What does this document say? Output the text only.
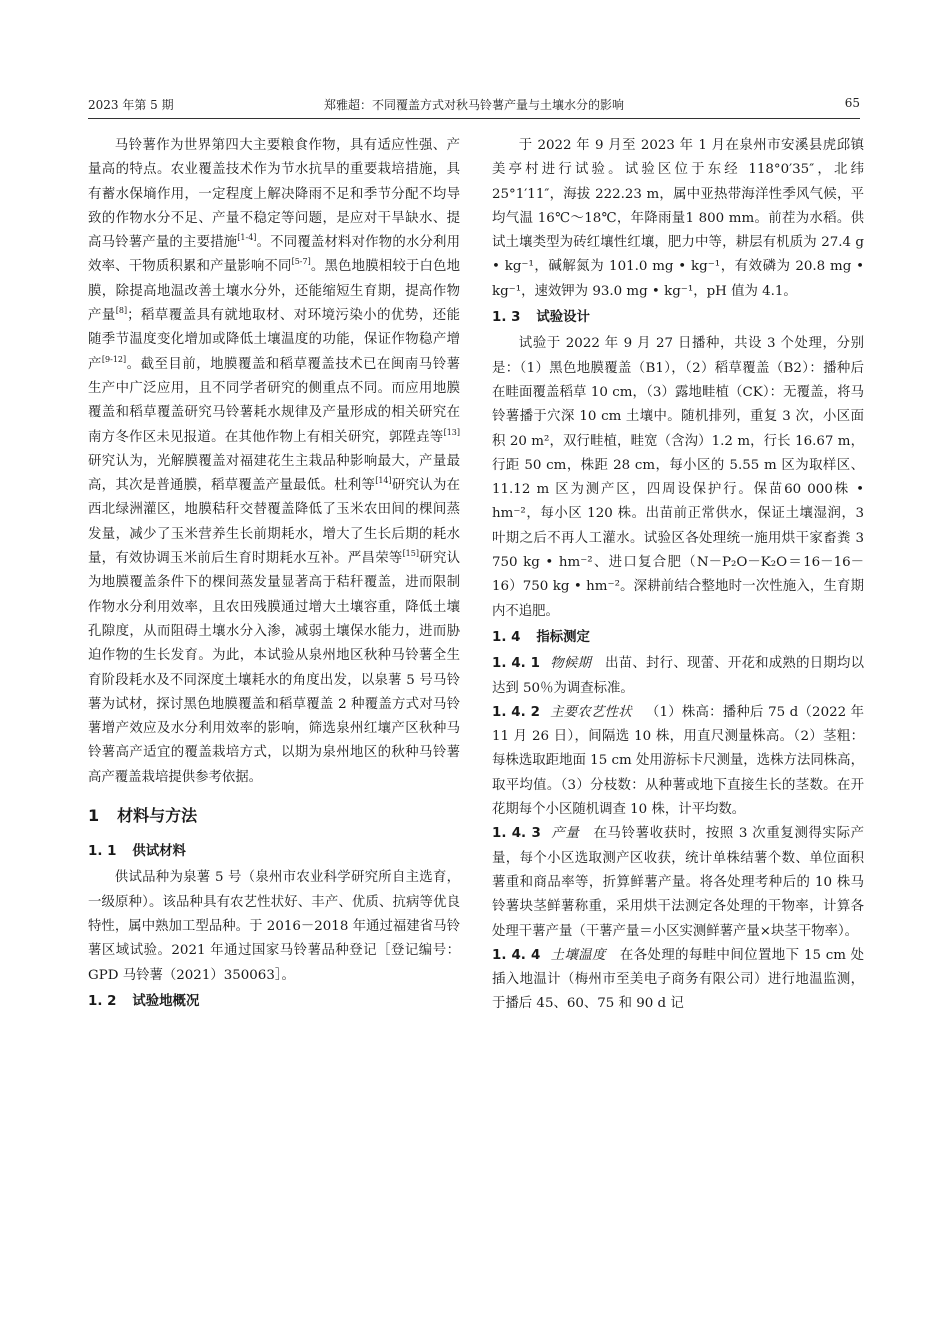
2023 年第 5 期	郑雅超：不同覆盖方式对秋马铃薯产量与土壤水分的影响	65

马铃薯作为世界第四大主要粮食作物，具有适应性强、产量高的特点。农业覆盖技术作为节水抗旱的重要栽培措施，具有蓄水保墒作用，一定程度上解决降雨不足和季节分配不均导致的作物水分不足、产量不稳定等问题，是应对干旱缺水、提高马铃薯产量的主要措施[1-4]。不同覆盖材料对作物的水分利用效率、干物质积累和产量影响不同[5-7]。黑色地膜相较于白色地膜，除提高地温改善土壤水分外，还能缩短生育期，提高作物产量[8]；稻草覆盖具有就地取材、对环境污染小的优势，还能随季节温度变化增加或降低土壤温度的功能，保证作物稳产增产[9-12]。截至目前，地膜覆盖和稻草覆盖技术已在闽南马铃薯生产中广泛应用，且不同学者研究的侧重点不同。而应用地膜覆盖和稻草覆盖研究马铃薯耗水规律及产量形成的相关研究在南方冬作区未见报道。在其他作物上有相关研究，郭陞垚等[13]研究认为，光解膜覆盖对福建花生主栽品种影响最大，产量最高，其次是普通膜，稻草覆盖产量最低。杜利等[14]研究认为在西北绿洲灌区，地膜秸秆交替覆盖降低了玉米农田间的棵间蒸发量，减少了玉米营养生长前期耗水，增大了生长后期的耗水量，有效协调玉米前后生育时期耗水互补。严昌荣等[15]研究认为地膜覆盖条件下的棵间蒸发量显著高于秸秆覆盖，进而限制作物水分利用效率，且农田残膜通过增大土壤容重，降低土壤孔隙度，从而阻碍土壤水分入渗，减弱土壤保水能力，进而胁迫作物的生长发育。为此，本试验从泉州地区秋种马铃薯全生育阶段耗水及不同深度土壤耗水的角度出发，以泉薯 5 号马铃薯为试材，探讨黑色地膜覆盖和稻草覆盖 2 种覆盖方式对马铃薯增产效应及水分利用效率的影响，筛选泉州红壤产区秋种马铃薯高产适宜的覆盖栽培方式，以期为泉州地区的秋种马铃薯高产覆盖栽培提供参考依据。

1 材料与方法
1. 1 供试材料

供试品种为泉薯 5 号（泉州市农业科学研究所自主选育，一级原种）。该品种具有农艺性状好、丰产、优质、抗病等优良特性，属中熟加工型品种。于 2016－2018 年通过福建省马铃薯区域试验。2021 年通过国家马铃薯品种登记［登记编号：GPD 马铃薯（2021）350063］。

1. 2 试验地概况

于 2022 年 9 月至 2023 年 1 月在泉州市安溪县虎邱镇美亭村进行试验。试验区位于东经 118°0′35″，北纬 25°1′11″，海拔 222.23 m，属中亚热带海洋性季风气候，平均气温 16℃～18℃，年降雨量1 800 mm。前茬为水稻。供试土壤类型为砖红壤性红壤，肥力中等，耕层有机质为 27.4 g • kg⁻¹，碱解氮为 101.0 mg • kg⁻¹，有效磷为 20.8 mg • kg⁻¹，速效钾为 93.0 mg • kg⁻¹，pH 值为 4.1。

1. 3 试验设计

试验于 2022 年 9 月 27 日播种，共设 3 个处理，分别是：（1）黑色地膜覆盖（B1），（2）稻草覆盖（B2）：播种后在畦面覆盖稻草 10 cm，（3）露地畦植（CK）：无覆盖，将马铃薯播于穴深 10 cm 土壤中。随机排列，重复 3 次，小区面积 20 m²，双行畦植，畦宽（含沟）1.2 m，行长 16.67 m，行距 50 cm，株距 28 cm，每小区的 5.55 m 区为取样区、11.12 m 区为测产区，四周设保护行。保苗60 000株 • hm⁻²，每小区 120 株。出苗前正常供水，保证土壤湿润，3 叶期之后不再人工灌水。试验区各处理统一施用烘干家畜粪 3 750 kg • hm⁻²、进口复合肥（N－P₂O－K₂O＝16－16－16）750 kg • hm⁻²。深耕前结合整地时一次性施入，生育期内不追肥。

1. 4 指标测定

1. 4. 1 物候期 出苗、封行、现蕾、开花和成熟的日期均以达到 50％为调查标准。

1. 4. 2 主要农艺性状 （1）株高：播种后 75 d（2022 年 11 月 26 日），间隔选 10 株，用直尺测量株高。（2）茎粗：每株选取距地面 15 cm 处用游标卡尺测量，选株方法同株高，取平均值。（3）分枝数：从种薯或地下直接生长的茎数。在开花期每个小区随机调查 10 株，计平均数。

1. 4. 3 产量 在马铃薯收获时，按照 3 次重复测得实际产量，每个小区选取测产区收获，统计单株结薯个数、单位面积薯重和商品率等，折算鲜薯产量。将各处理考种后的 10 株马铃薯块茎鲜薯称重，采用烘干法测定各处理的干物率，计算各处理干薯产量（干薯产量＝小区实测鲜薯产量×块茎干物率）。

1. 4. 4 土壤温度 在各处理的每畦中间位置地下 15 cm 处插入地温计（梅州市至美电子商务有限公司）进行地温监测，于播后 45、60、75 和 90 d 记
